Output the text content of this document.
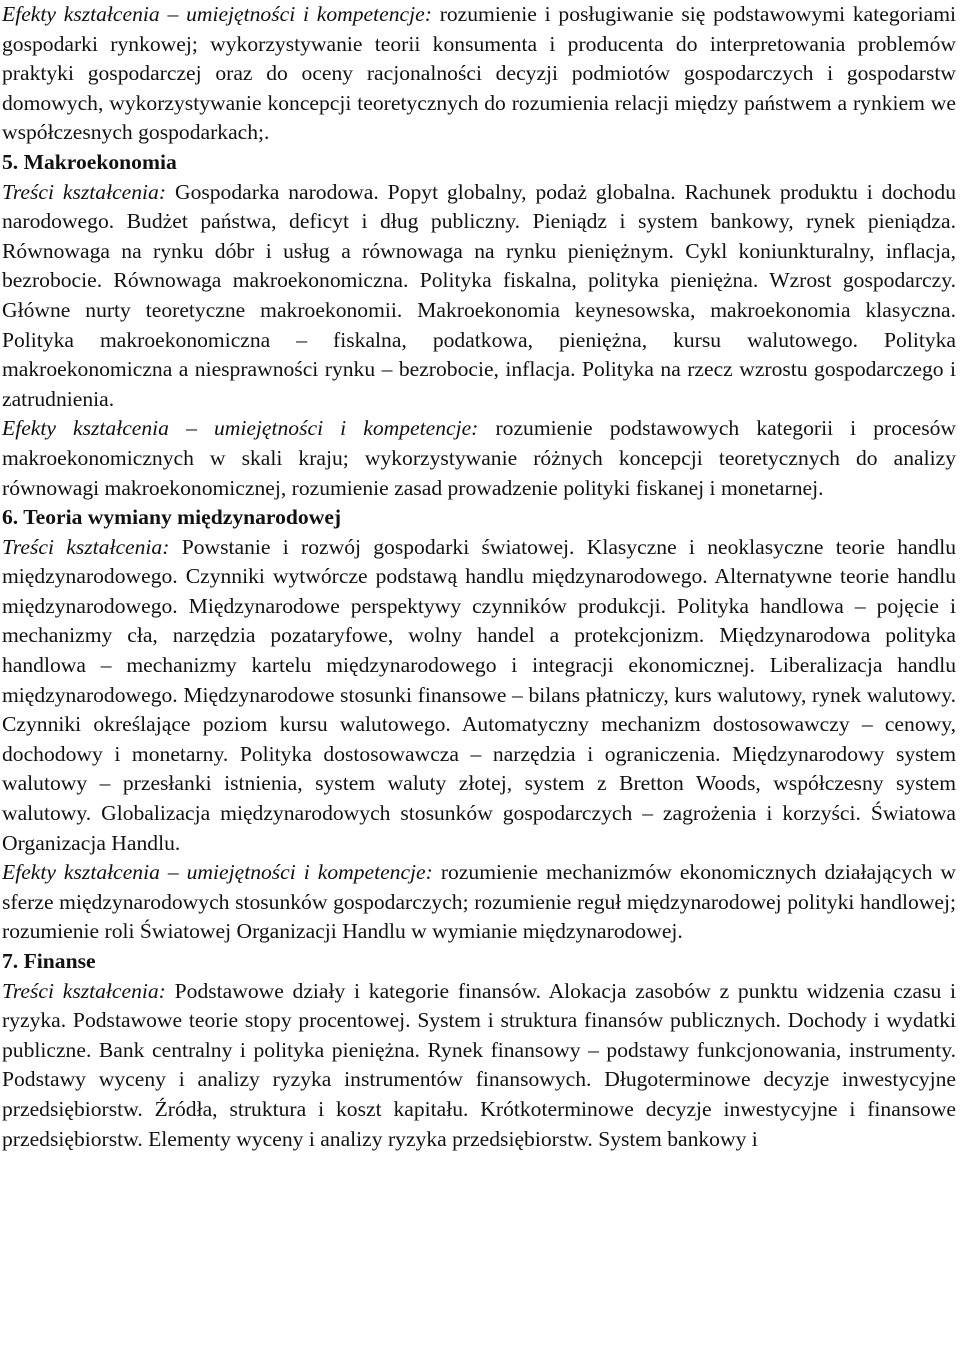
Efekty kształcenia – umiejętności i kompetencje: rozumienie i posługiwanie się podstawowymi kategoriami gospodarki rynkowej; wykorzystywanie teorii konsumenta i producenta do interpretowania problemów praktyki gospodarczej oraz do oceny racjonalności decyzji podmiotów gospodarczych i gospodarstw domowych, wykorzystywanie koncepcji teoretycznych do rozumienia relacji między państwem a rynkiem we współczesnych gospodarkach;.

5. Makroekonomia

Treści kształcenia: Gospodarka narodowa. Popyt globalny, podaż globalna. Rachunek produktu i dochodu narodowego. Budżet państwa, deficyt i dług publiczny. Pieniądz i system bankowy, rynek pieniądza. Równowaga na rynku dóbr i usług a równowaga na rynku pieniężnym. Cykl koniunkturalny, inflacja, bezrobocie. Równowaga makroekonomiczna. Polityka fiskalna, polityka pieniężna. Wzrost gospodarczy. Główne nurty teoretyczne makroekonomii. Makroekonomia keynesowska, makroekonomia klasyczna. Polityka makroekonomiczna – fiskalna, podatkowa, pieniężna, kursu walutowego. Polityka makroekonomiczna a niesprawności rynku – bezrobocie, inflacja. Polityka na rzecz wzrostu gospodarczego i zatrudnienia.

Efekty kształcenia – umiejętności i kompetencje: rozumienie podstawowych kategorii i procesów makroekonomicznych w skali kraju; wykorzystywanie różnych koncepcji teoretycznych do analizy równowagi makroekonomicznej, rozumienie zasad prowadzenie polityki fiskanej i monetarnej.

6. Teoria wymiany międzynarodowej

Treści kształcenia: Powstanie i rozwój gospodarki światowej. Klasyczne i neoklasyczne teorie handlu międzynarodowego. Czynniki wytwórcze podstawą handlu międzynarodowego. Alternatywne teorie handlu międzynarodowego. Międzynarodowe perspektywy czynników produkcji. Polityka handlowa – pojęcie i mechanizmy cła, narzędzia pozataryfowe, wolny handel a protekcjonizm. Międzynarodowa polityka handlowa – mechanizmy kartelu międzynarodowego i integracji ekonomicznej. Liberalizacja handlu międzynarodowego. Międzynarodowe stosunki finansowe – bilans płatniczy, kurs walutowy, rynek walutowy. Czynniki określające poziom kursu walutowego. Automatyczny mechanizm dostosowawczy – cenowy, dochodowy i monetarny. Polityka dostosowawcza – narzędzia i ograniczenia. Międzynarodowy system walutowy – przesłanki istnienia, system waluty złotej, system z Bretton Woods, współczesny system walutowy. Globalizacja międzynarodowych stosunków gospodarczych – zagrożenia i korzyści. Światowa Organizacja Handlu.

Efekty kształcenia – umiejętności i kompetencje: rozumienie mechanizmów ekonomicznych działających w sferze międzynarodowych stosunków gospodarczych; rozumienie reguł międzynarodowej polityki handlowej; rozumienie roli Światowej Organizacji Handlu w wymianie międzynarodowej.

7. Finanse

Treści kształcenia: Podstawowe działy i kategorie finansów. Alokacja zasobów z punktu widzenia czasu i ryzyka. Podstawowe teorie stopy procentowej. System i struktura finansów publicznych. Dochody i wydatki publiczne. Bank centralny i polityka pieniężna. Rynek finansowy – podstawy funkcjonowania, instrumenty. Podstawy wyceny i analizy ryzyka instrumentów finansowych. Długoterminowe decyzje inwestycyjne przedsiębiorstw. Źródła, struktura i koszt kapitału. Krótkoterminowe decyzje inwestycyjne i finansowe przedsiębiorstw. Elementy wyceny i analizy ryzyka przedsiębiorstw. System bankowy i
